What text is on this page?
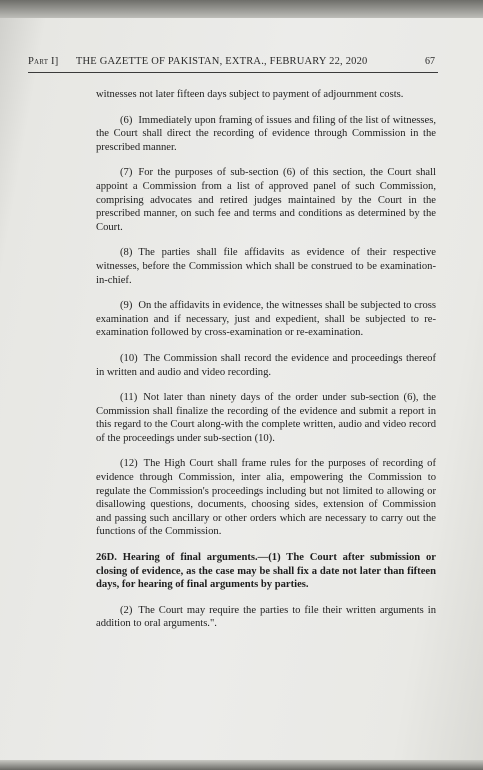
Part I] THE GAZETTE OF PAKISTAN, EXTRA., FEBRUARY 22, 2020	67

witnesses not later fifteen days subject to payment of adjournment costs.

(6) Immediately upon framing of issues and filing of the list of witnesses, the Court shall direct the recording of evidence through Commission in the prescribed manner.

(7) For the purposes of sub-section (6) of this section, the Court shall appoint a Commission from a list of approved panel of such Commission, comprising advocates and retired judges maintained by the Court in the prescribed manner, on such fee and terms and conditions as determined by the Court.

(8) The parties shall file affidavits as evidence of their respective witnesses, before the Commission which shall be construed to be examination-in-chief.

(9) On the affidavits in evidence, the witnesses shall be subjected to cross examination and if necessary, just and expedient, shall be subjected to re-examination followed by cross-examination or re-examination.

(10) The Commission shall record the evidence and proceedings thereof in written and audio and video recording.

(11) Not later than ninety days of the order under sub-section (6), the Commission shall finalize the recording of the evidence and submit a report in this regard to the Court along-with the complete written, audio and video record of the proceedings under sub-section (10).

(12) The High Court shall frame rules for the purposes of recording of evidence through Commission, inter alia, empowering the Commission to regulate the Commission's proceedings including but not limited to allowing or disallowing questions, documents, choosing sides, extension of Commission and passing such ancillary or other orders which are necessary to carry out the functions of the Commission.

26D. Hearing of final arguments.—(1) The Court after submission or closing of evidence, as the case may be shall fix a date not later than fifteen days, for hearing of final arguments by parties.

(2) The Court may require the parties to file their written arguments in addition to oral arguments.".
